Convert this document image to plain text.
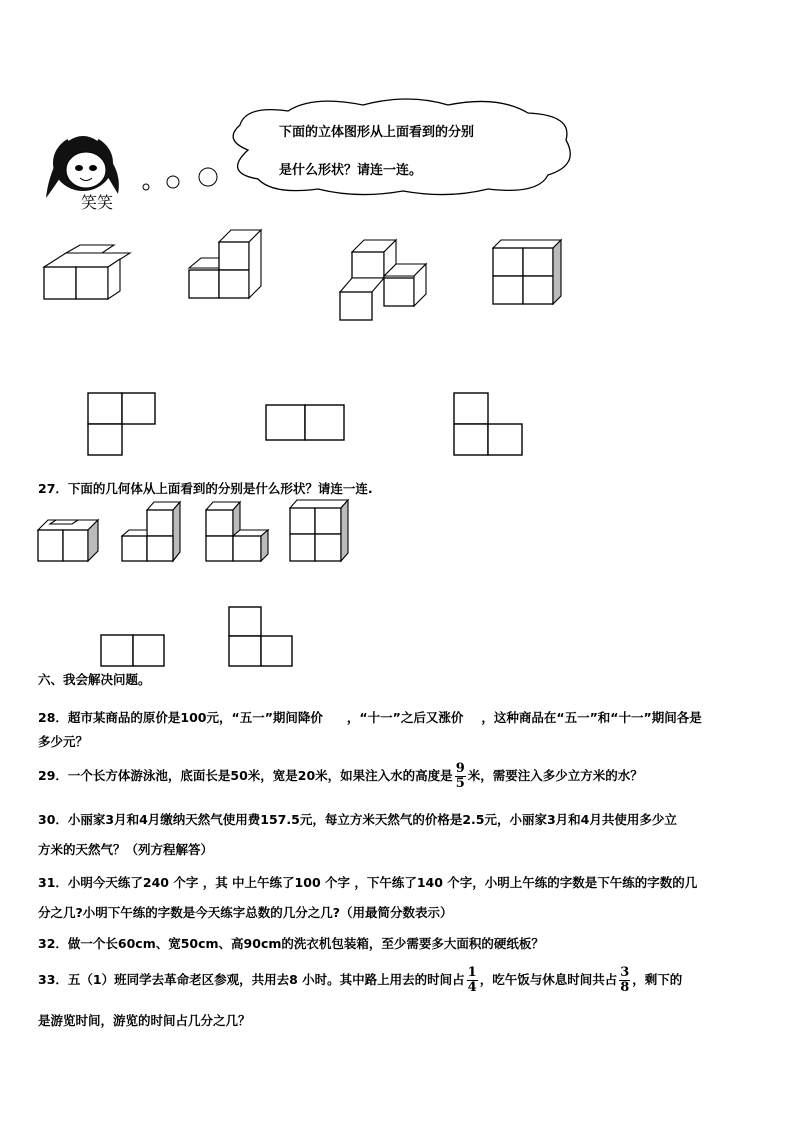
笑笑
下面的立体图形从上面看到的分别
是什么形状？请连一连。
27．下面的几何体从上面看到的分别是什么形状？请连一连.
六、我会解决问题。
28．超市某商品的原价是100元，“五一”期间降价 ，“十一”之后又涨价 ，这种商品在“五一”和“十一”期间各是
多少元？
29．一个长方体游泳池，底面长是50米，宽是20米，如果注入水的高度是 $\frac{9}{5}$ 米，需要注入多少立方米的水？
30．小丽家3月和4月缴纳天然气使用费157.5元，每立方米天然气的价格是2.5元，小丽家3月和4月共使用多少立
方米的天然气？（列方程解答）
31．小明今天练了240 个字 ，其 中上午练了100 个字 ，下午练了140 个字，小明上午练的字数是下午练的字数的几
分之几?小明下午练的字数是今天练字总数的几分之几?（用最简分数表示）
32．做一个长60cm、宽50cm、高90cm的洗衣机包装箱，至少需要多大面积的硬纸板？
33．五（1）班同学去革命老区参观，共用去8 小时。其中路上用去的时间占 $\frac{1}{4}$ ，吃午饭与休息时间共占 $\frac{3}{8}$ ，剩下的
是游览时间，游览的时间占几分之几？
